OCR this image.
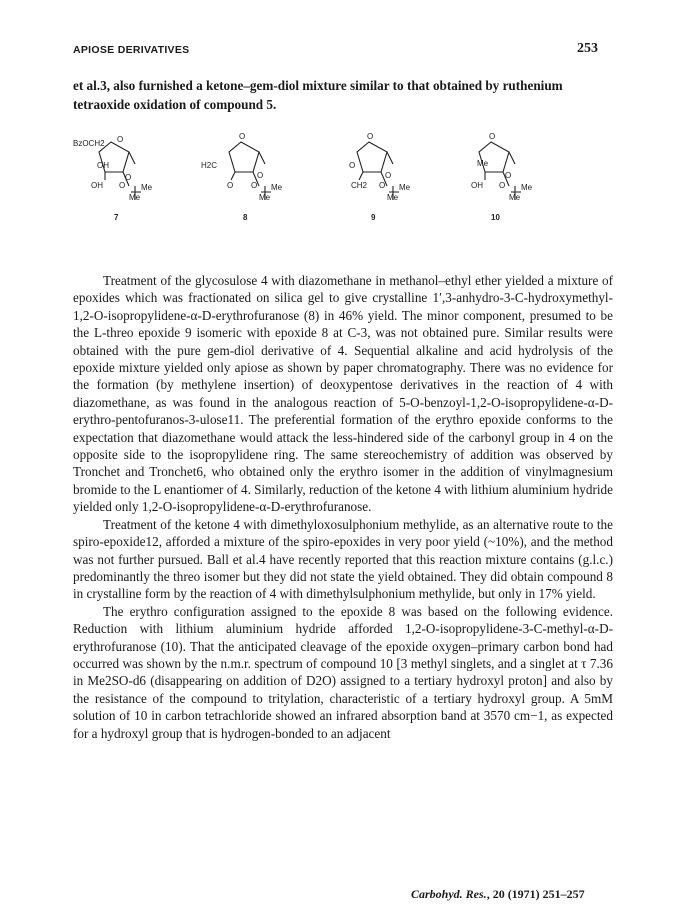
APIOSE DERIVATIVES	253
et al.3, also furnished a ketone–gem-diol mixture similar to that obtained by ruthenium tetraoxide oxidation of compound 5.
BzOCH2 O
OH
O
OH O Me
Me
7
O
H2C
O
O O Me
Me
8
O
O
O
CH2 O Me
Me
9
O
Me
O
OH O Me
Me
10

Treatment of the glycosulose 4 with diazomethane in methanol–ethyl ether yielded a mixture of epoxides which was fractionated on silica gel to give crystalline 1′,3-anhydro-3-C-hydroxymethyl-1,2-O-isopropylidene-α-D-erythrofuranose (8) in 46% yield. The minor component, presumed to be the L-threo epoxide 9 isomeric with epoxide 8 at C-3, was not obtained pure. Similar results were obtained with the pure gem-diol derivative of 4. Sequential alkaline and acid hydrolysis of the epoxide mixture yielded only apiose as shown by paper chromatography. There was no evidence for the formation (by methylene insertion) of deoxypentose derivatives in the reaction of 4 with diazomethane, as was found in the analogous reaction of 5-O-benzoyl-1,2-O-isopropylidene-α-D-erythro-pentofuranos-3-ulose11. The preferential formation of the erythro epoxide conforms to the expectation that diazomethane would attack the less-hindered side of the carbonyl group in 4 on the opposite side to the isopropylidene ring. The same stereochemistry of addition was observed by Tronchet and Tronchet6, who obtained only the erythro isomer in the addition of vinylmagnesium bromide to the L enantiomer of 4. Similarly, reduction of the ketone 4 with lithium aluminium hydride yielded only 1,2-O-isopropylidene-α-D-erythrofuranose.

Treatment of the ketone 4 with dimethyloxosulphonium methylide, as an alternative route to the spiro-epoxide12, afforded a mixture of the spiro-epoxides in very poor yield (~10%), and the method was not further pursued. Ball et al.4 have recently reported that this reaction mixture contains (g.l.c.) predominantly the threo isomer but they did not state the yield obtained. They did obtain compound 8 in crystalline form by the reaction of 4 with dimethylsulphonium methylide, but only in 17% yield.

The erythro configuration assigned to the epoxide 8 was based on the following evidence. Reduction with lithium aluminium hydride afforded 1,2-O-isopropylidene-3-C-methyl-α-D-erythrofuranose (10). That the anticipated cleavage of the epoxide oxygen–primary carbon bond had occurred was shown by the n.m.r. spectrum of compound 10 [3 methyl singlets, and a singlet at τ 7.36 in Me2SO-d6 (disappearing on addition of D2O) assigned to a tertiary hydroxyl proton] and also by the resistance of the compound to tritylation, characteristic of a tertiary hydroxyl group. A 5mM solution of 10 in carbon tetrachloride showed an infrared absorption band at 3570 cm−1, as expected for a hydroxyl group that is hydrogen-bonded to an adjacent

Carbohyd. Res., 20 (1971) 251–257
